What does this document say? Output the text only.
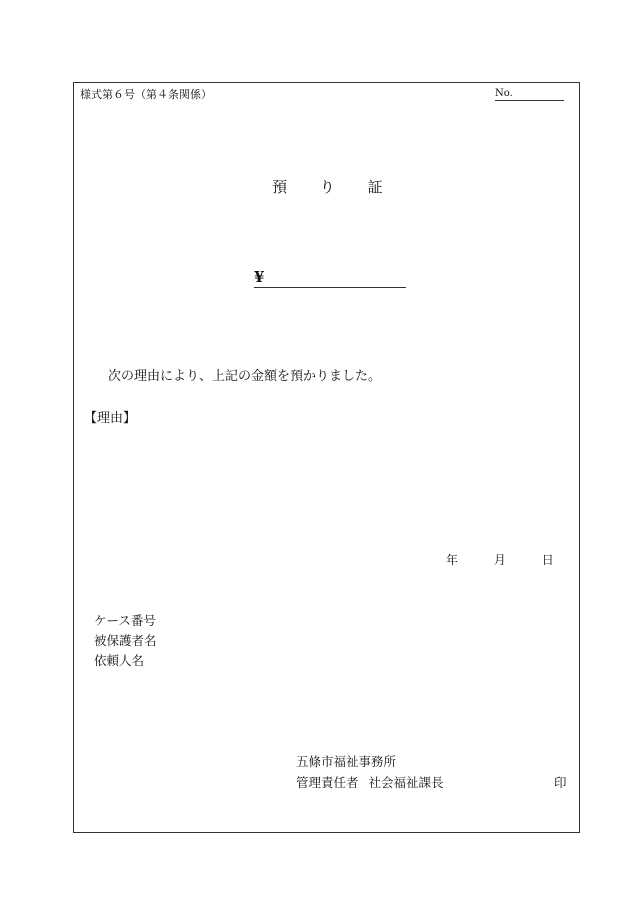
様式第６号（第４条関係）	No.
預 り 証
¥
次の理由により、上記の金額を預かりました。
【理由】
年	月	日
ケース番号
被保護者名
依頼人名
五條市福祉事務所
管理責任者 社会福祉課長	印
